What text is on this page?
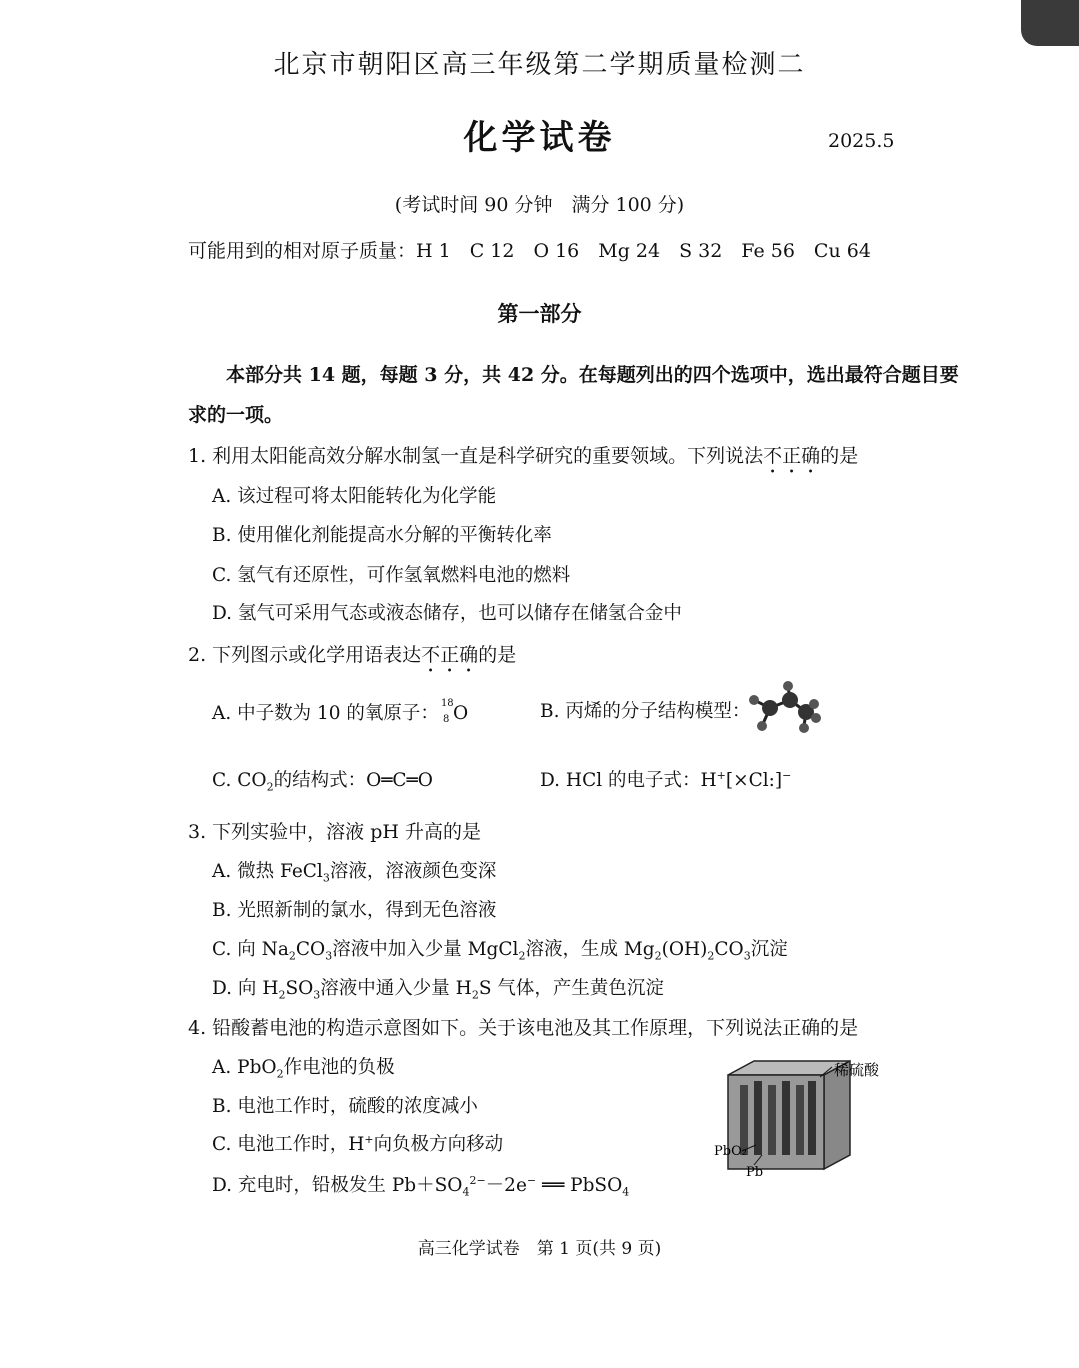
北京市朝阳区高三年级第二学期质量检测二
化学试卷	2025.5
(考试时间 90 分钟　满分 100 分)
可能用到的相对原子质量：H 1　C 12　O 16　Mg 24　S 32　Fe 56　Cu 64
第一部分
本部分共 14 题，每题 3 分，共 42 分。在每题列出的四个选项中，选出最符合题目要
求的一项。
1. 利用太阳能高效分解水制氢一直是科学研究的重要领域。下列说法不正确的是
A. 该过程可将太阳能转化为化学能
B. 使用催化剂能提高水分解的平衡转化率
C. 氢气有还原性，可作氢氧燃料电池的燃料
D. 氢气可采用气态或液态储存，也可以储存在储氢合金中
2. 下列图示或化学用语表达不正确的是
A. 中子数为 10 的氧原子： 18
8 O	B. 丙烯的分子结构模型：
C. $CO_2$的结构式：O═C═O	D. HCl 的电子式：H+[×Cl:]−
3. 下列实验中，溶液 pH 升高的是
A. 微热 FeCl$_3$溶液，溶液颜色变深
B. 光照新制的氯水，得到无色溶液
C. 向 $Na_2CO_3$溶液中加入少量 MgCl$_2$溶液，生成 $Mg_2(OH)_2CO_3$沉淀
D. 向 $H_2SO_3$溶液中通入少量 $H_2S$ 气体，产生黄色沉淀
4. 铅酸蓄电池的构造示意图如下。关于该电池及其工作原理，下列说法正确的是
A. PbO$_2$作电池的负极
B. 电池工作时，硫酸的浓度减小
C. 电池工作时，H+向负极方向移动
D. 充电时，铅极发生 $Pb+SO_4^{2-}-2e^-$ ══ PbSO$_4$
稀硫酸
PbO₂
Pb
高三化学试卷　第 1 页(共 9 页)
